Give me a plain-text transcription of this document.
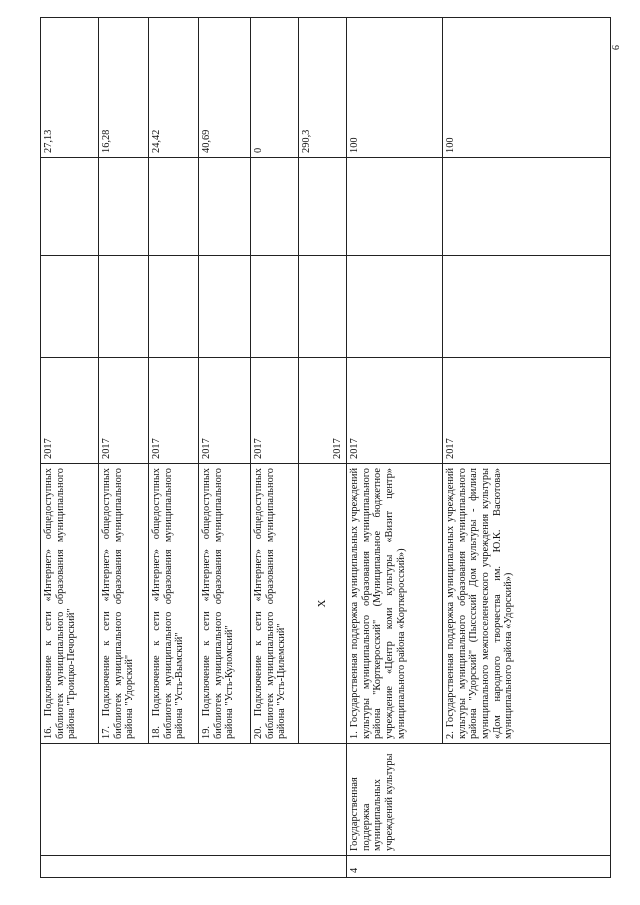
9
		16. Подключение к сети «Интернет» общедоступных библиотек муниципального образования муниципального района "Троицко-Печорский"	2017			27,13
		17. Подключение к сети «Интернет» общедоступных библиотек муниципального образования муниципального района "Удорский"	2017			16,28
		18. Подключение к сети «Интернет» общедоступных библиотек муниципального образования муниципального района "Усть-Вымский"	2017			24,42
		19. Подключение к сети «Интернет» общедоступных библиотек муниципального образования муниципального района "Усть-Куломский"	2017			40,69
		20. Подключение к сети «Интернет» общедоступных библиотек муниципального образования муниципального района "Усть-Цилемский"	2017			0
		Х	2017			290,3
4	Государственная поддержка муниципальных учреждений культуры	1. Государственная поддержка муниципальных учреждений культуры муниципального образования муниципального района "Корткеросский" (Муниципальное бюджетное учреждение «Центр коми культуры «Визит центр» муниципального района «Корткеросский»)	2017			100
		2. Государственная поддержка муниципальных учреждений культуры муниципального образования муниципального района "Удорский" (Пыссский Дом культуры - филиал муниципального межпоселенческого учреждения культуры «Дом народного творчества им. Ю.К. Васютова» муниципального района «Удорский»)	2017			100
